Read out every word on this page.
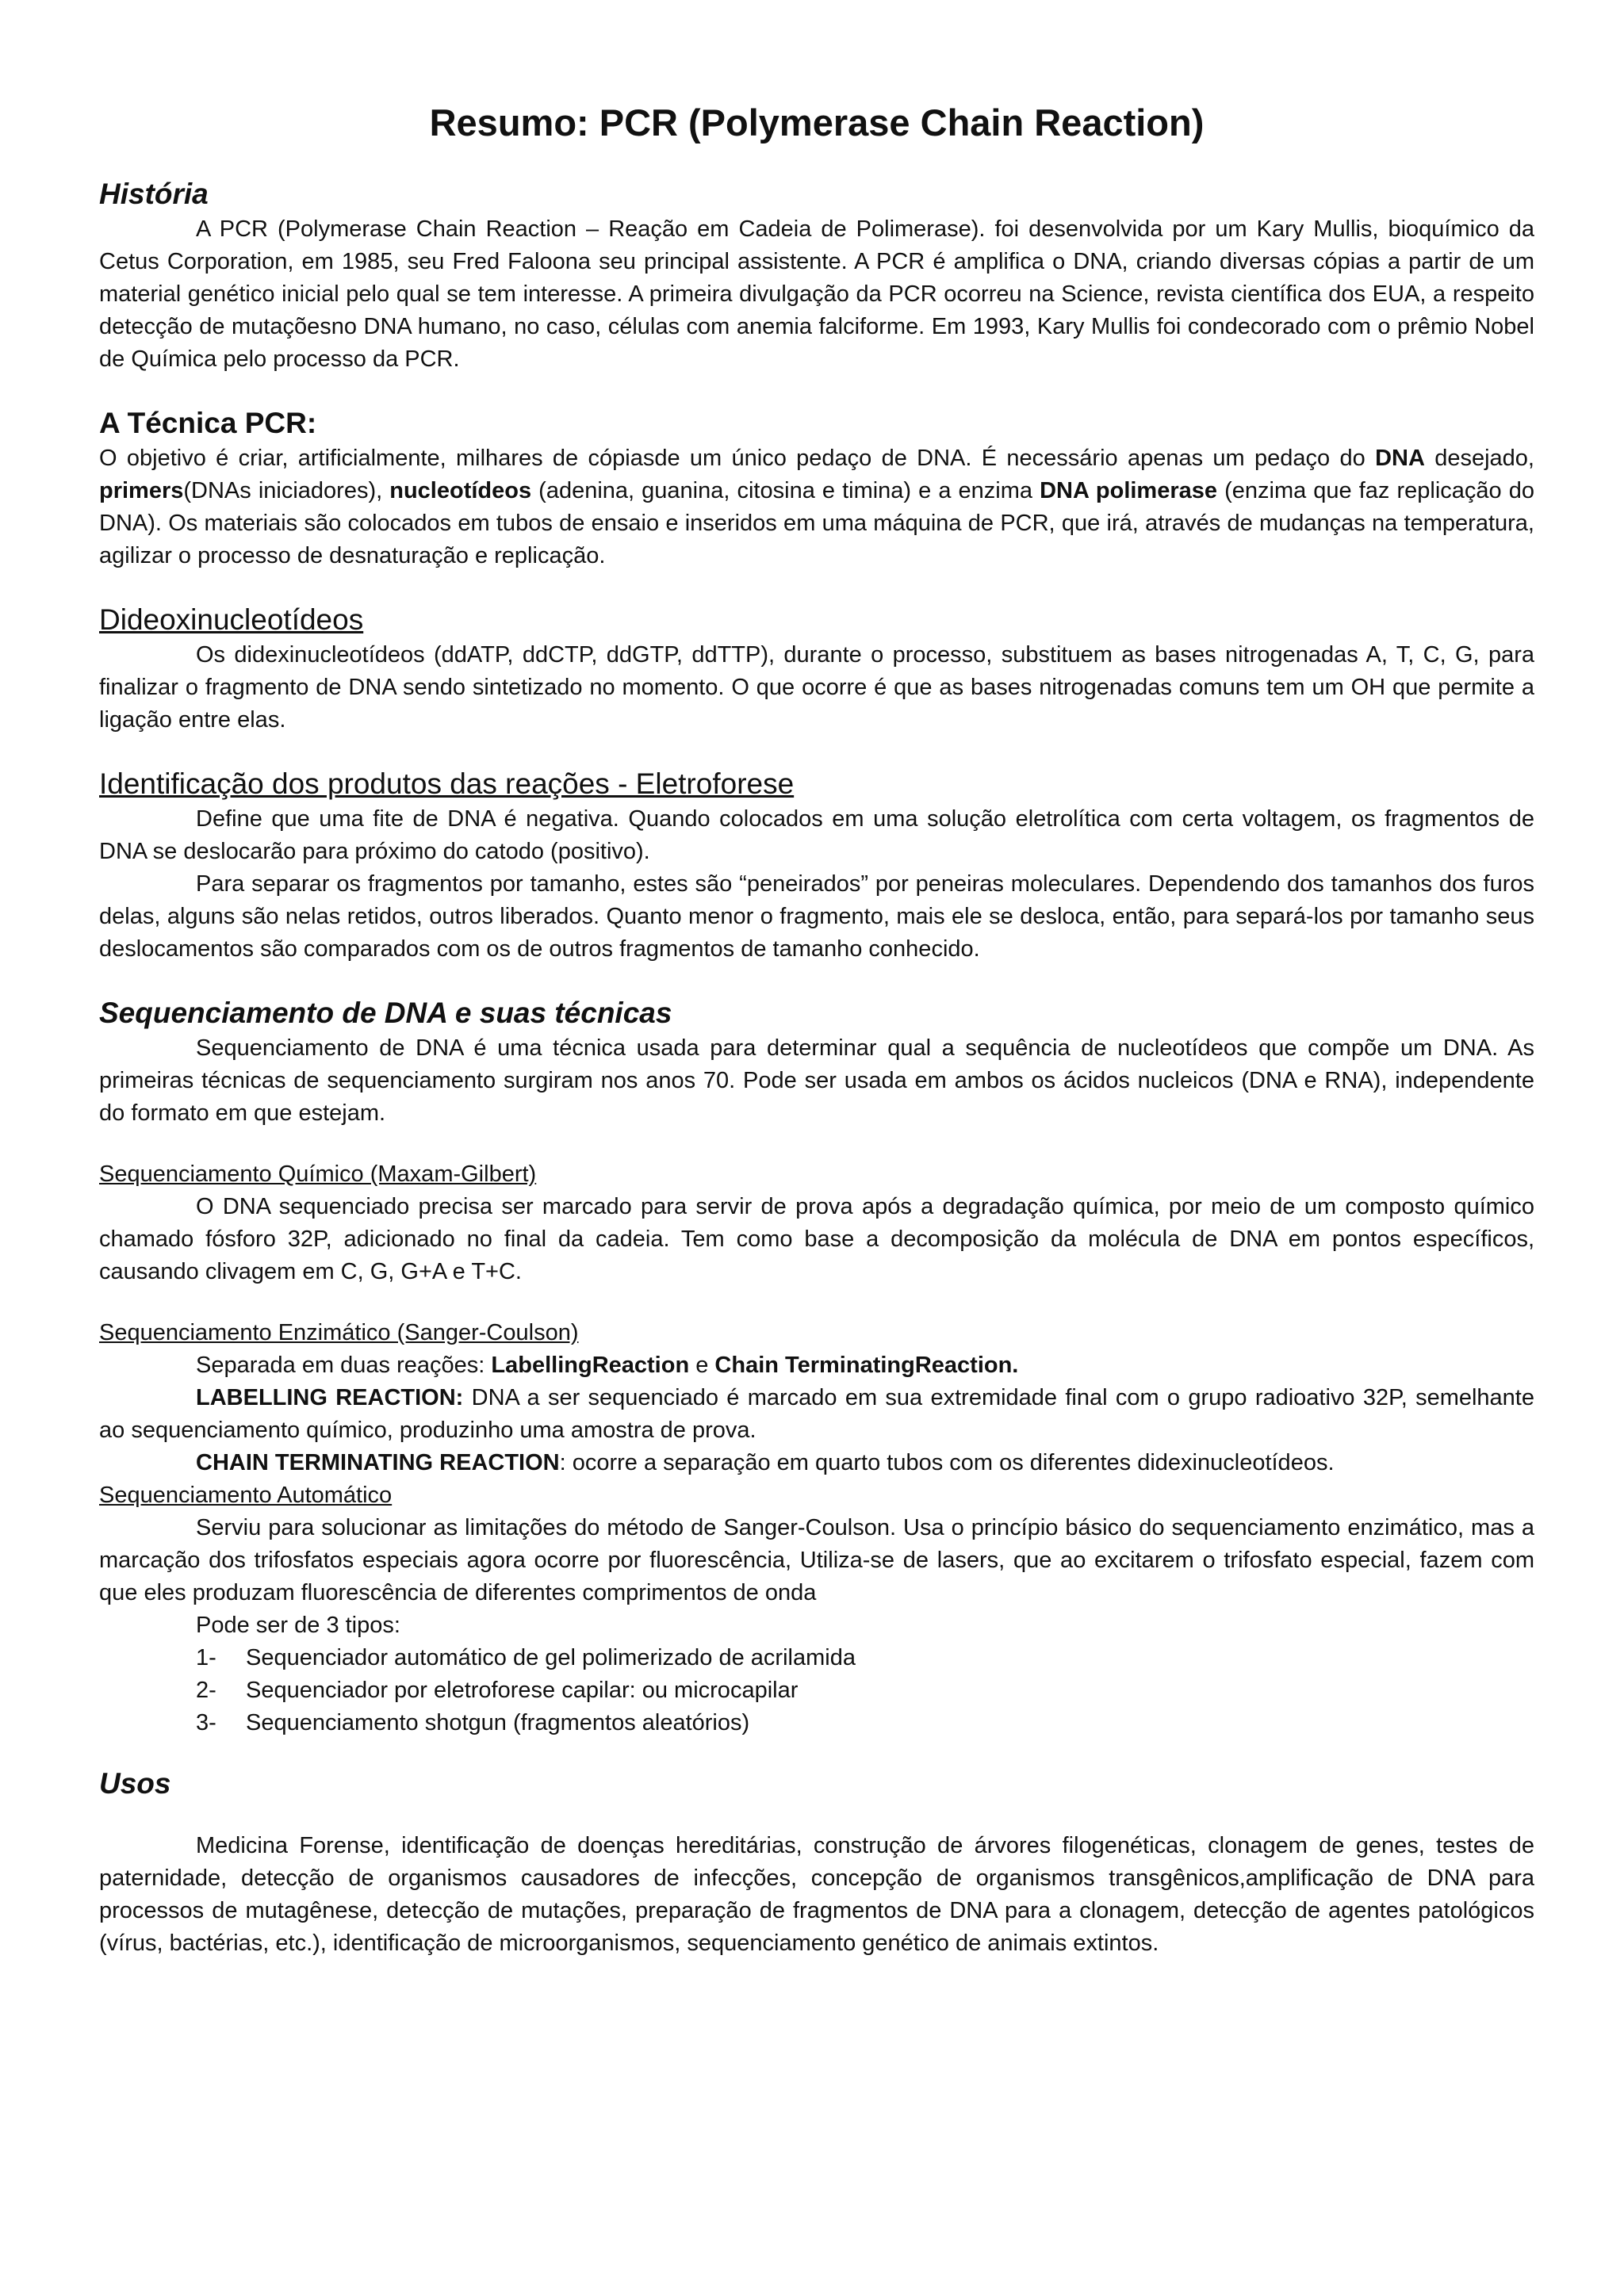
Resumo: PCR (Polymerase Chain Reaction)
História

A PCR (Polymerase Chain Reaction – Reação em Cadeia de Polimerase). foi desenvolvida por um Kary Mullis, bioquímico da Cetus Corporation, em 1985, seu Fred Faloona seu principal assistente. A PCR é amplifica o DNA, criando diversas cópias a partir de um material genético inicial pelo qual se tem interesse. A primeira divulgação da PCR ocorreu na Science, revista científica dos EUA, a respeito detecção de mutaçõesno DNA humano, no caso, células com anemia falciforme. Em 1993, Kary Mullis foi condecorado com o prêmio Nobel de Química pelo processo da PCR.

A Técnica PCR:

O objetivo é criar, artificialmente, milhares de cópiasde um único pedaço de DNA. É necessário apenas um pedaço do DNA desejado, primers(DNAs iniciadores), nucleotídeos (adenina, guanina, citosina e timina) e a enzima DNA polimerase (enzima que faz replicação do DNA). Os materiais são colocados em tubos de ensaio e inseridos em uma máquina de PCR, que irá, através de mudanças na temperatura, agilizar o processo de desnaturação e replicação.

Dideoxinucleotídeos

Os didexinucleotídeos (ddATP, ddCTP, ddGTP, ddTTP), durante o processo, substituem as bases nitrogenadas A, T, C, G, para finalizar o fragmento de DNA sendo sintetizado no momento. O que ocorre é que as bases nitrogenadas comuns tem um OH que permite a ligação entre elas.

Identificação dos produtos das reações - Eletroforese

Define que uma fite de DNA é negativa. Quando colocados em uma solução eletrolítica com certa voltagem, os fragmentos de DNA se deslocarão para próximo do catodo (positivo).

Para separar os fragmentos por tamanho, estes são “peneirados” por peneiras moleculares. Dependendo dos tamanhos dos furos delas, alguns são nelas retidos, outros liberados. Quanto menor o fragmento, mais ele se desloca, então, para separá-los por tamanho seus deslocamentos são comparados com os de outros fragmentos de tamanho conhecido.

Sequenciamento de DNA e suas técnicas

Sequenciamento de DNA é uma técnica usada para determinar qual a sequência de nucleotídeos que compõe um DNA. As primeiras técnicas de sequenciamento surgiram nos anos 70. Pode ser usada em ambos os ácidos nucleicos (DNA e RNA), independente do formato em que estejam.

Sequenciamento Químico (Maxam-Gilbert)

O DNA sequenciado precisa ser marcado para servir de prova após a degradação química, por meio de um composto químico chamado fósforo 32P, adicionado no final da cadeia. Tem como base a decomposição da molécula de DNA em pontos específicos, causando clivagem em C, G, G+A e T+C.

Sequenciamento Enzimático (Sanger-Coulson)

Separada em duas reações: LabellingReaction e Chain TerminatingReaction.

LABELLING REACTION: DNA a ser sequenciado é marcado em sua extremidade final com o grupo radioativo 32P, semelhante ao sequenciamento químico, produzinho uma amostra de prova.

CHAIN TERMINATING REACTION: ocorre a separação em quarto tubos com os diferentes didexinucleotídeos.

Sequenciamento Automático

Serviu para solucionar as limitações do método de Sanger-Coulson. Usa o princípio básico do sequenciamento enzimático, mas a marcação dos trifosfatos especiais agora ocorre por fluorescência, Utiliza-se de lasers, que ao excitarem o trifosfato especial, fazem com que eles produzam fluorescência de diferentes comprimentos de onda

Pode ser de 3 tipos:

1- Sequenciador automático de gel polimerizado de acrilamida
2- Sequenciador por eletroforese capilar: ou microcapilar
3- Sequenciamento shotgun (fragmentos aleatórios)
Usos

Medicina Forense, identificação de doenças hereditárias, construção de árvores filogenéticas, clonagem de genes, testes de paternidade, detecção de organismos causadores de infecções, concepção de organismos transgênicos,amplificação de DNA para processos de mutagênese, detecção de mutações, preparação de fragmentos de DNA para a clonagem, detecção de agentes patológicos (vírus, bactérias, etc.), identificação de microorganismos, sequenciamento genético de animais extintos.
